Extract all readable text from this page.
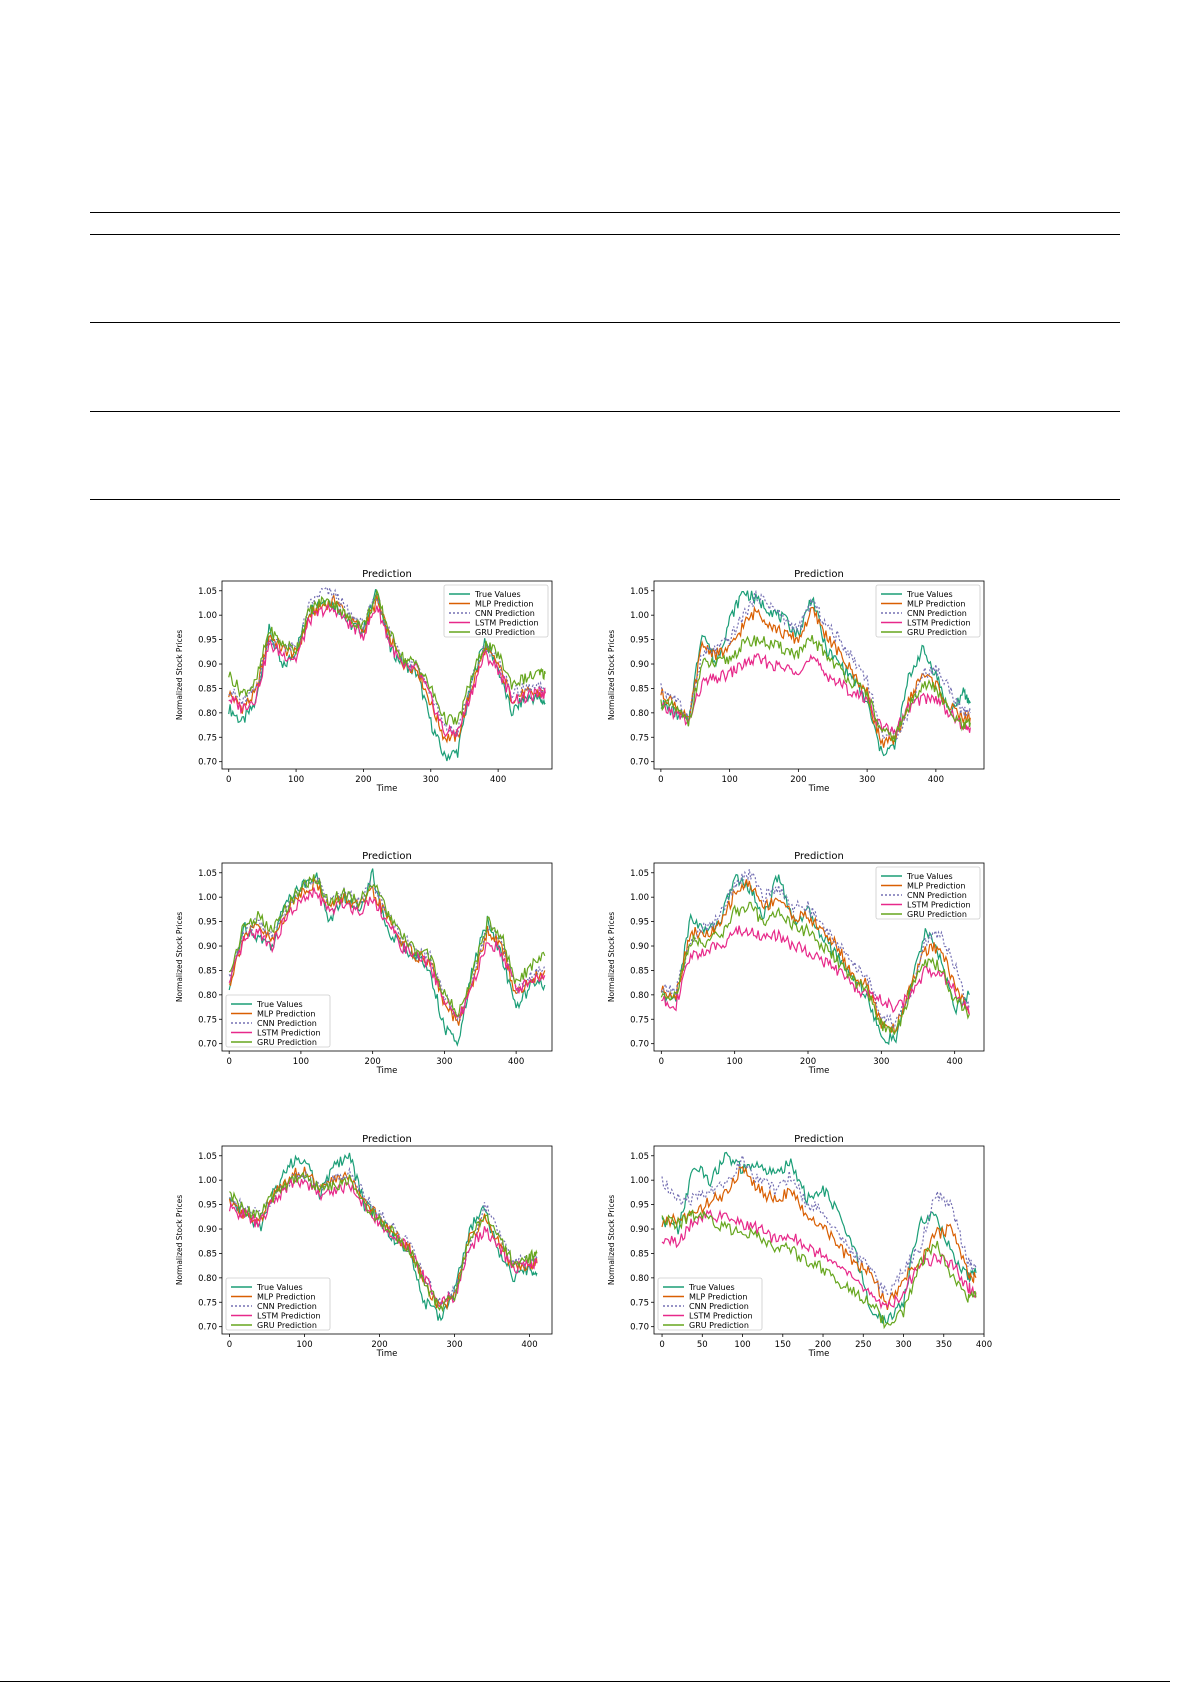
Prediction
0.70
0.75
0.80
0.85
0.90
0.95
1.00
1.05
0	100	200	300	400
Time
Normalized Stock Prices
True Values
MLP Prediction
CNN Prediction
LSTM Prediction
GRU Prediction
Prediction
0.70
0.75
0.80
0.85
0.90
0.95
1.00
1.05
0	100	200	300	400
Time
Normalized Stock Prices
True Values
MLP Prediction
CNN Prediction
LSTM Prediction
GRU Prediction
Prediction
0.70
0.75
0.80
0.85
0.90
0.95
1.00
1.05
0	100	200	300	400
Time
Normalized Stock Prices
True Values
MLP Prediction
CNN Prediction
LSTM Prediction
GRU Prediction
Prediction
0.70
0.75
0.80
0.85
0.90
0.95
1.00
1.05
0	100	200	300	400
Time
Normalized Stock Prices
True Values
MLP Prediction
CNN Prediction
LSTM Prediction
GRU Prediction
Prediction
0.70
0.75
0.80
0.85
0.90
0.95
1.00
1.05
0	100	200	300	400
Time
Normalized Stock Prices
True Values
MLP Prediction
CNN Prediction
LSTM Prediction
GRU Prediction
Prediction
0.70
0.75
0.80
0.85
0.90
0.95
1.00
1.05
0	50	100	150	200	250	300	350	400
Time
Normalized Stock Prices
True Values
MLP Prediction
CNN Prediction
LSTM Prediction
GRU Prediction
